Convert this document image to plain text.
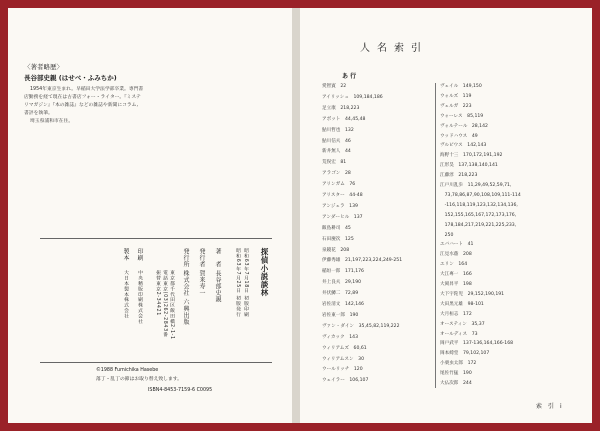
〈著者略歴〉
長谷部史親 (はせべ・ふみちか)
1954年東京生まれ。早稲田大学法学部卒業。専門書
店勤務を経て現在は古書店フォー・ライター。『ミステ
リマガジン』『本の雑誌』などの雑誌や新聞にコラム,
書評を執筆。
埼玉県浦和市在住。
探偵小説談林
昭和63年7月18日 初版印刷
昭和63年7月25日 初版発行
著　者
長谷部史親
発行者
賀来寿一
発行所
株式会社 六興出版
東京都千代田区飯田橋2-1-1
電話東京(03)262-2843番
振替東京2-34421
印刷
中央精版印刷株式会社
製本
大日本製本株式会社
©1988 Fumichika Hasebe
落丁・乱丁の節はお取り替え致します。
ISBN4-8453-7159-6 C0095
人名索引
あ 行
愛智賓　22
アイリッシュ　109,184,186
足立康　218,223
アボット　44,45,48
鮎川哲也　132
鮎川信夫　46
新井無人　44
荒俣宏　81
アラゴン　28
アリンガム　76
アリスター　44-48
アンジェラ　139
アンダーヒル　137
飯島耕司　45
石田慶次　125
泉鏡花　208
伊藤秀雄　21,197,223,224,249-251
稲垣一郎　171,176
井上良夫　29,190
井伏鱒二　72,89
岩佐清文　142,146
岩佐東一郎　190
ヴァン・ダイン　35,45,82,119,222
ヴィカック　143
ウィリアムズ　60,61
ウィリアムスン　30
ウールリッチ　120
ウェイラー　106,107
ヴェイル　149,150
ウォルズ　119
ヴェルガ　223
ウォーレス　85,119
ヴォルテール　28,142
ウッドハウス　49
ヴルピウス　142,143
海野十三　170,172,191,192
江形昊　137,138,140,141
江藤淳　218,223
江戸川乱歩　11,29,49,52,59,71,
　73,78,86,87,90,108,109,111-114
　-116,118,119,123,132,134,136,
　152,155,165,167,172,173,176,
　178,184,217,219,221,225,233,
　250
エバハート　41
江見水蔭　208
エリン　164
大江專一　166
大岡昇平　198
大下宇陀児　29,152,190,191
大田黒元雄　98-101
大月桓志　172
オースティン　35,37
オールディス　73
岡戸武平　137-136,164,166-168
岡本綺堂　79,102,107
小栗虫太郎　172
尾佐竹猛　190
大仏次郎　244
索　引　i
